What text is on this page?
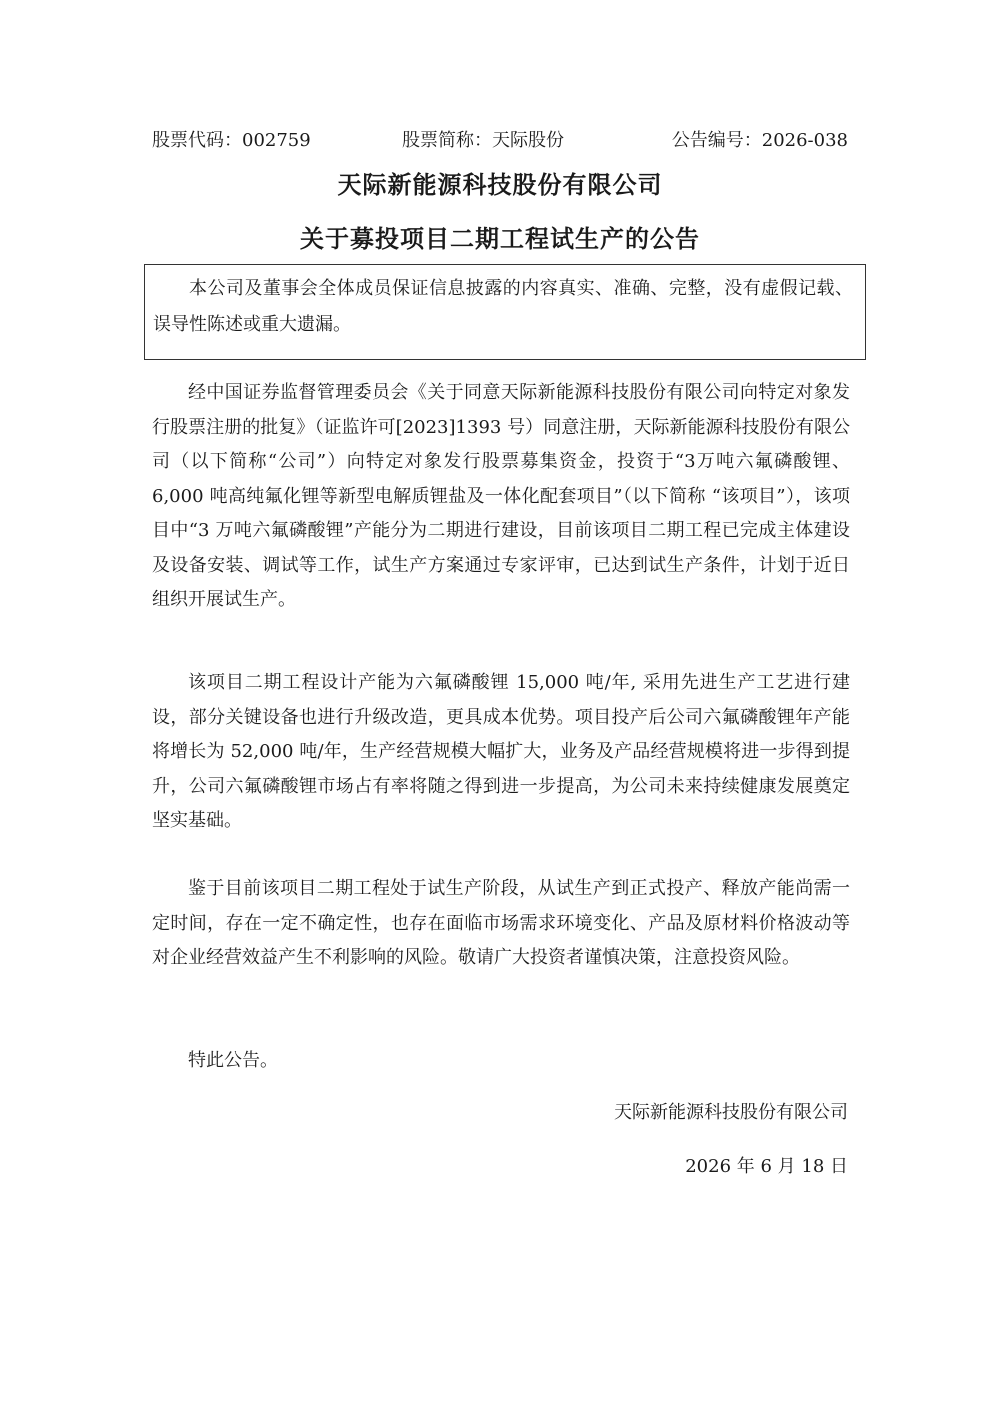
股票代码：002759	股票简称：天际股份	公告编号：2026-038
天际新能源科技股份有限公司
关于募投项目二期工程试生产的公告

本公司及董事会全体成员保证信息披露的内容真实、准确、完整，没有虚假记载、误导性陈述或重大遗漏。

经中国证券监督管理委员会《关于同意天际新能源科技股份有限公司向特定对象发行股票注册的批复》（证监许可[2023]1393 号）同意注册，天际新能源科技股份有限公司（以下简称“公司”）向特定对象发行股票募集资金，投资于“3万吨六氟磷酸锂、6,000 吨高纯氟化锂等新型电解质锂盐及一体化配套项目”（以下简称 “该项目”），该项目中“3 万吨六氟磷酸锂”产能分为二期进行建设，目前该项目二期工程已完成主体建设及设备安装、调试等工作，试生产方案通过专家评审，已达到试生产条件，计划于近日组织开展试生产。

该项目二期工程设计产能为六氟磷酸锂 15,000 吨/年, 采用先进生产工艺进行建设，部分关键设备也进行升级改造，更具成本优势。项目投产后公司六氟磷酸锂年产能将增长为 52,000 吨/年，生产经营规模大幅扩大，业务及产品经营规模将进一步得到提升，公司六氟磷酸锂市场占有率将随之得到进一步提高，为公司未来持续健康发展奠定坚实基础。

鉴于目前该项目二期工程处于试生产阶段，从试生产到正式投产、释放产能尚需一定时间，存在一定不确定性，也存在面临市场需求环境变化、产品及原材料价格波动等对企业经营效益产生不利影响的风险。敬请广大投资者谨慎决策，注意投资风险。

特此公告。

天际新能源科技股份有限公司
2026 年 6 月 18 日
